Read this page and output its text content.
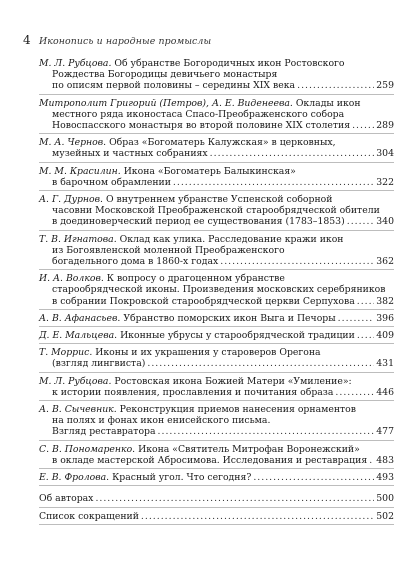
4 Иконопись и народные промыслы
М. Л. Рубцова. Об убранстве Богородичных икон Ростовского
Рождества Богородицы девичьего монастыря
по описям первой половины – середины XIX века .....	259
Митрополит Григорий (Петров), А. Е. Виденеева. Оклады икон
местного ряда иконостаса Спасо-Преображенского собора
Новоспасского монастыря во второй половине XIX столетия .....	289
М. А. Чернов. Образ «Богоматерь Калужская» в церковных,
музейных и частных собраниях .....	304
М. М. Красилин. Икона «Богоматерь Балыкинская»
в барочном обрамлении .....	322
А. Г. Дурнов. О внутреннем убранстве Успенской соборной
часовни Московской Преображенской старообрядческой обители
в доединоверческий период ее существования (1783–1853) .....	340
Т. В. Игнатова. Оклад как улика. Расследование кражи икон
из Богоявленской моленной Преображенского
богадельного дома в 1860-х годах .....	362
И. А. Волков. К вопросу о драгоценном убранстве
старообрядческой иконы. Произведения московских серебряников
в собрании Покровской старообрядческой церкви Серпухова ..... 382
А. В. Афанасьев. Убранство поморских икон Выга и Печоры .....	396
Д. Е. Мальцева. Иконные убрусы у старообрядческой традиции ..... 409
Т. Моррис. Иконы и их украшения у староверов Орегона
(взгляд лингвиста) .....	431
М. Л. Рубцова. Ростовская икона Божией Матери «Умиление»:
к истории появления, прославления и почитания образа .....	446
А. В. Сычевник. Реконструкция приемов нанесения орнаментов
на полях и фонах икон енисейского письма.
Взгляд реставратора .....	477
С. В. Пономаренко. Икона «Святитель Митрофан Воронежский»
в окладе мастерской Абросимова. Исследования и реставрация ..... 483
Е. В. Фролова. Красный угол. Что сегодня? .....	493
Об авторах .....	500
Список сокращений .....	502
